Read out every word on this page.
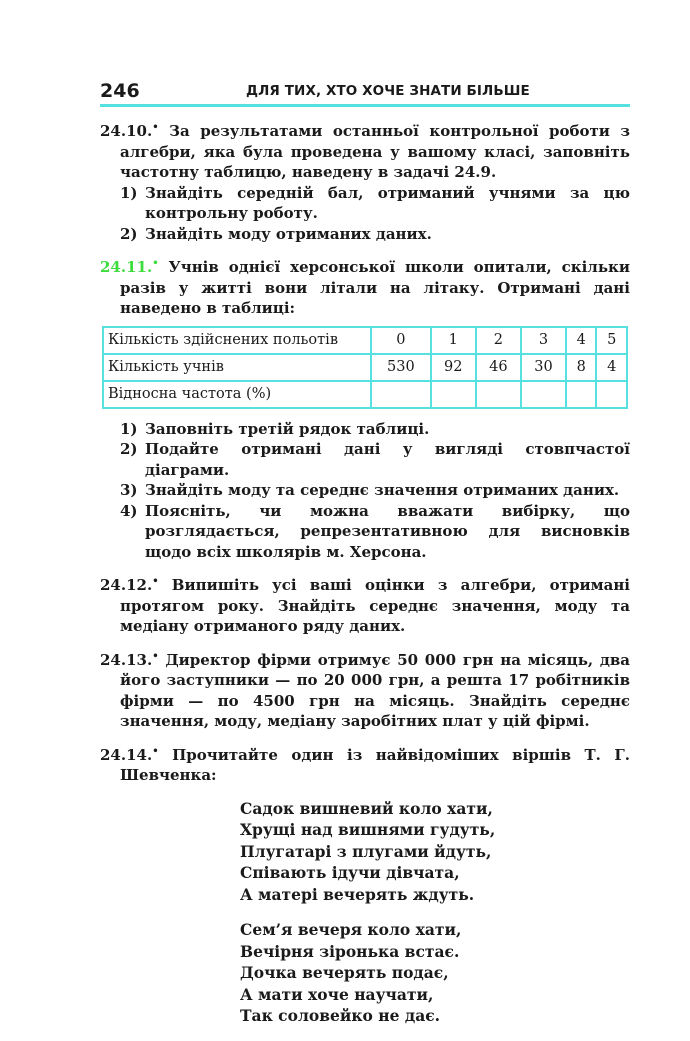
246	ДЛЯ ТИХ, ХТО ХОЧЕ ЗНАТИ БІЛЬШЕ
24.10.• За результатами останньої контрольної роботи з алгебри, яка була проведена у вашому класі, заповніть частотну таблицю, наведену в задачі 24.9.
1) Знайдіть середній бал, отриманий учнями за цю контрольну роботу.
2) Знайдіть моду отриманих даних.
24.11.• Учнів однієї херсонської школи опитали, скільки разів у житті вони літали на літаку. Отримані дані наведено в таблиці:
Кількість здійснених польотів	0	1	2	3	4	5
Кількість учнів	530	92	46	30	8	4
Відносна частота (%)						
1) Заповніть третій рядок таблиці.
2) Подайте отримані дані у вигляді стовпчастої діаграми.
3) Знайдіть моду та середнє значення отриманих даних.
4) Поясніть, чи можна вважати вибірку, що розглядається, репрезентативною для висновків щодо всіх школярів м. Херсона.
24.12.• Випишіть усі ваші оцінки з алгебри, отримані протягом року. Знайдіть середнє значення, моду та медіану отриманого ряду даних.
24.13.• Директор фірми отримує 50 000 грн на місяць, два його заступники — по 20 000 грн, а решта 17 робітників фірми — по 4500 грн на місяць. Знайдіть середнє значення, моду, медіану заробітних плат у цій фірмі.
24.14.• Прочитайте один із найвідоміших віршів Т. Г. Шевченка:
Садок вишневий коло хати,
Хрущі над вишнями гудуть,
Плугатарі з плугами йдуть,
Співають ідучи дівчата,
А матері вечерять ждуть.
Сем’я вечеря коло хати,
Вечірня зіронька встає.
Дочка вечерять подає,
А мати хоче научати,
Так соловейко не дає.
